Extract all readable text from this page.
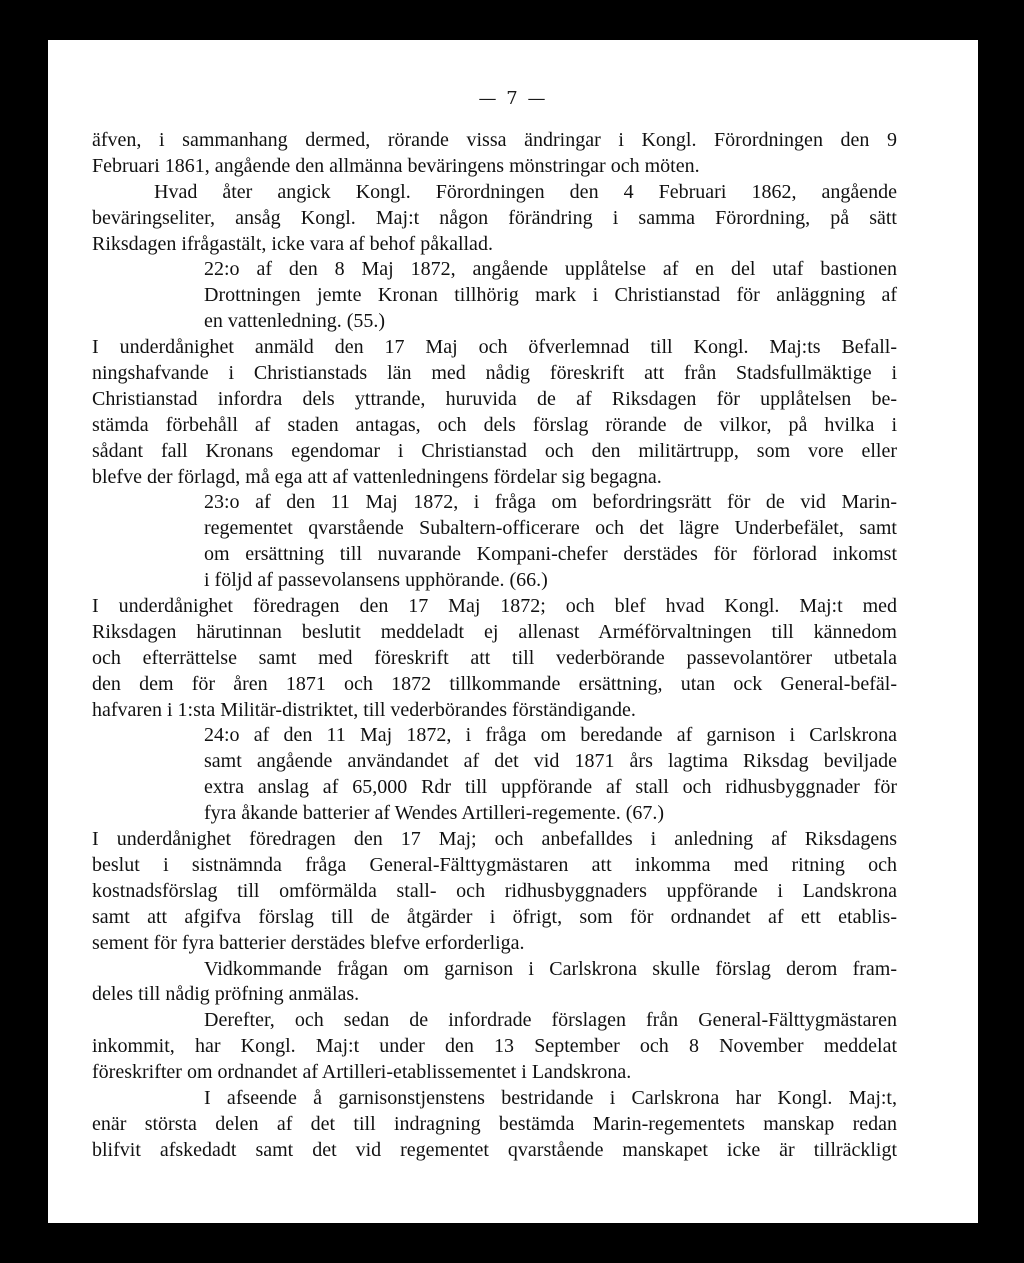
— 7 —
äfven, i sammanhang dermed, rörande vissa ändringar i Kongl. Förordningen den 9
Februari 1861, angående den allmänna beväringens mönstringar och möten.
Hvad åter angick Kongl. Förordningen den 4 Februari 1862, angående
beväringseliter, ansåg Kongl. Maj:t någon förändring i samma Förordning, på sätt
Riksdagen ifrågastält, icke vara af behof påkallad.
22:o af den 8 Maj 1872, angående upplåtelse af en del utaf bastionen
Drottningen jemte Kronan tillhörig mark i Christianstad för anläggning af
en vattenledning. (55.)
I underdånighet anmäld den 17 Maj och öfverlemnad till Kongl. Maj:ts Befall-
ningshafvande i Christianstads län med nådig föreskrift att från Stadsfullmäktige i
Christianstad infordra dels yttrande, huruvida de af Riksdagen för upplåtelsen be-
stämda förbehåll af staden antagas, och dels förslag rörande de vilkor, på hvilka i
sådant fall Kronans egendomar i Christianstad och den militärtrupp, som vore eller
blefve der förlagd, må ega att af vattenledningens fördelar sig begagna.
23:o af den 11 Maj 1872, i fråga om befordringsrätt för de vid Marin-
regementet qvarstående Subaltern-officerare och det lägre Underbefälet, samt
om ersättning till nuvarande Kompani-chefer derstädes för förlorad inkomst
i följd af passevolansens upphörande. (66.)
I underdånighet föredragen den 17 Maj 1872; och blef hvad Kongl. Maj:t med
Riksdagen härutinnan beslutit meddeladt ej allenast Arméförvaltningen till kännedom
och efterrättelse samt med föreskrift att till vederbörande passevolantörer utbetala
den dem för åren 1871 och 1872 tillkommande ersättning, utan ock General-befäl-
hafvaren i 1:sta Militär-distriktet, till vederbörandes förständigande.
24:o af den 11 Maj 1872, i fråga om beredande af garnison i Carlskrona
samt angående användandet af det vid 1871 års lagtima Riksdag beviljade
extra anslag af 65,000 Rdr till uppförande af stall och ridhusbyggnader för
fyra åkande batterier af Wendes Artilleri-regemente. (67.)
I underdånighet föredragen den 17 Maj; och anbefalldes i anledning af Riksdagens
beslut i sistnämnda fråga General-Fälttygmästaren att inkomma med ritning och
kostnadsförslag till omförmälda stall- och ridhusbyggnaders uppförande i Landskrona
samt att afgifva förslag till de åtgärder i öfrigt, som för ordnandet af ett etablis-
sement för fyra batterier derstädes blefve erforderliga.
Vidkommande frågan om garnison i Carlskrona skulle förslag derom fram-
deles till nådig pröfning anmälas.
Derefter, och sedan de infordrade förslagen från General-Fälttygmästaren
inkommit, har Kongl. Maj:t under den 13 September och 8 November meddelat
föreskrifter om ordnandet af Artilleri-etablissementet i Landskrona.
I afseende å garnisonstjenstens bestridande i Carlskrona har Kongl. Maj:t,
enär största delen af det till indragning bestämda Marin-regementets manskap redan
blifvit afskedadt samt det vid regementet qvarstående manskapet icke är tillräckligt
